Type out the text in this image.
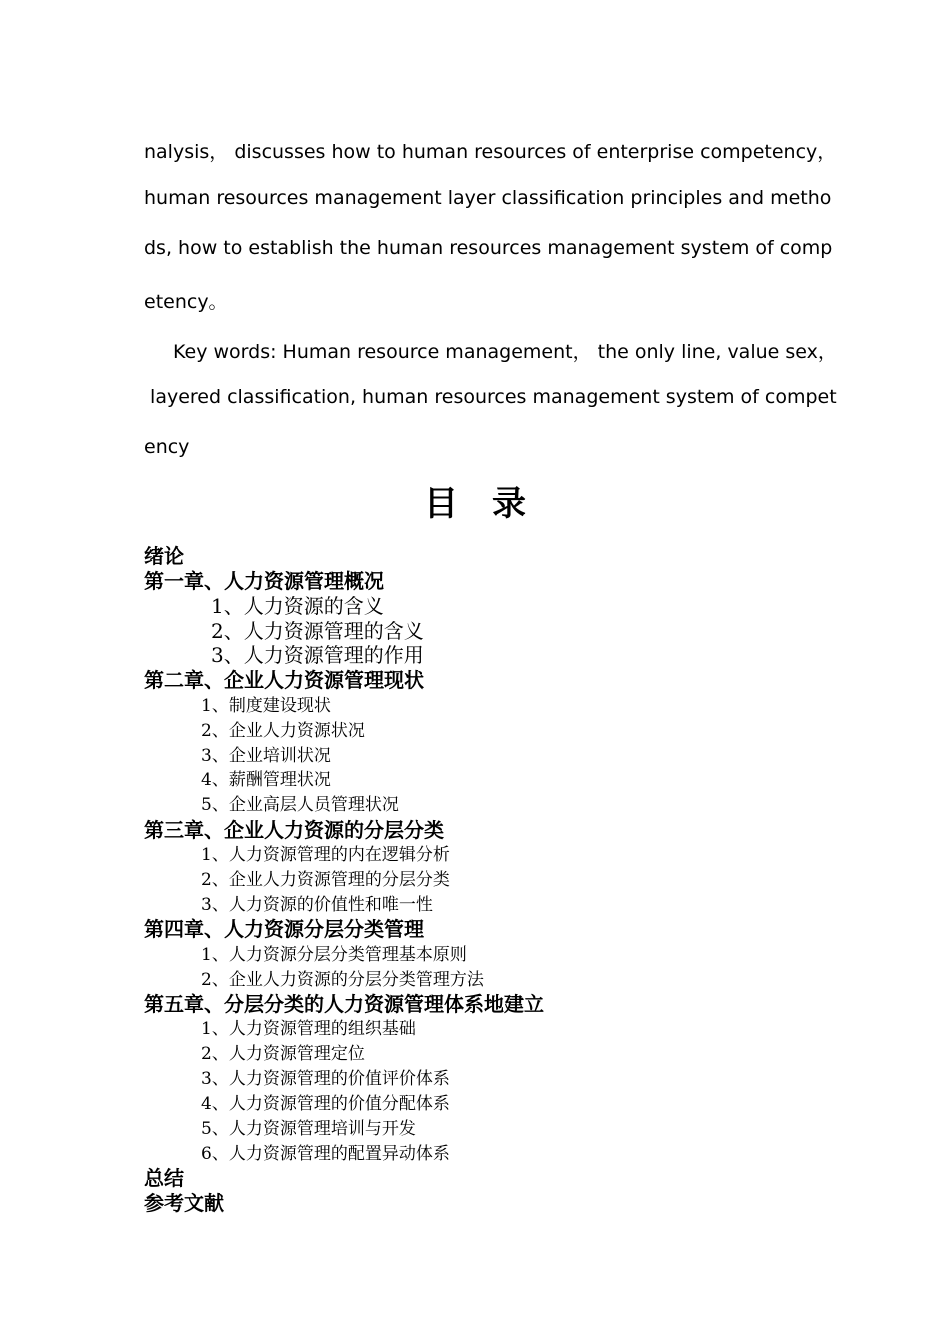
nalysis， discusses how to human resources of enterprise competency，
human resources management layer classification principles and metho
ds, how to establish the human resources management system of comp
etency。
Key words: Human resource management， the only line, value sex，
layered classification, human resources management system of compet
ency
目录
绪论
第一章、人力资源管理概况
1、人力资源的含义
2、人力资源管理的含义
3、人力资源管理的作用
第二章、企业人力资源管理现状
1、制度建设现状
2、企业人力资源状况
3、企业培训状况
4、薪酬管理状况
5、企业高层人员管理状况
第三章、企业人力资源的分层分类
1、人力资源管理的内在逻辑分析
2、企业人力资源管理的分层分类
3、人力资源的价值性和唯一性
第四章、人力资源分层分类管理
1、人力资源分层分类管理基本原则
2、企业人力资源的分层分类管理方法
第五章、分层分类的人力资源管理体系地建立
1、人力资源管理的组织基础
2、人力资源管理定位
3、人力资源管理的价值评价体系
4、人力资源管理的价值分配体系
5、人力资源管理培训与开发
6、人力资源管理的配置异动体系
总结
参考文献
